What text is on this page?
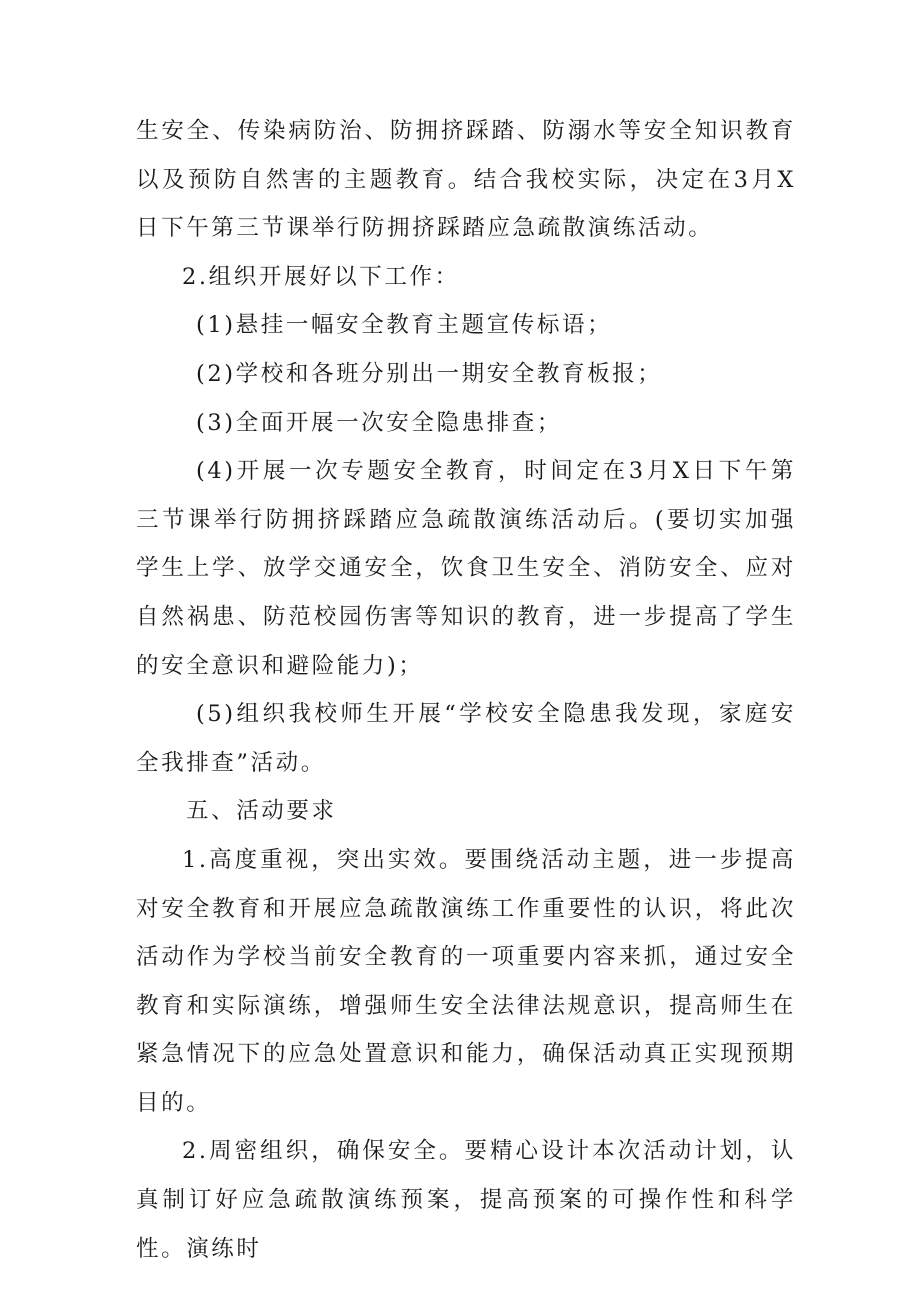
生安全、传染病防治、防拥挤踩踏、防溺水等安全知识教育以及预防自然害的主题教育。结合我校实际，决定在3月X日下午第三节课举行防拥挤踩踏应急疏散演练活动。

2.组织开展好以下工作：

(1)悬挂一幅安全教育主题宣传标语；

(2)学校和各班分别出一期安全教育板报；

(3)全面开展一次安全隐患排查；

(4)开展一次专题安全教育，时间定在3月X日下午第三节课举行防拥挤踩踏应急疏散演练活动后。(要切实加强学生上学、放学交通安全，饮食卫生安全、消防安全、应对自然祸患、防范校园伤害等知识的教育，进一步提高了学生的安全意识和避险能力)；

(5)组织我校师生开展“学校安全隐患我发现，家庭安全我排查”活动。

五、活动要求

1.高度重视，突出实效。要围绕活动主题，进一步提高对安全教育和开展应急疏散演练工作重要性的认识，将此次活动作为学校当前安全教育的一项重要内容来抓，通过安全教育和实际演练，增强师生安全法律法规意识，提高师生在紧急情况下的应急处置意识和能力，确保活动真正实现预期目的。

2.周密组织，确保安全。要精心设计本次活动计划，认真制订好应急疏散演练预案，提高预案的可操作性和科学性。演练时
